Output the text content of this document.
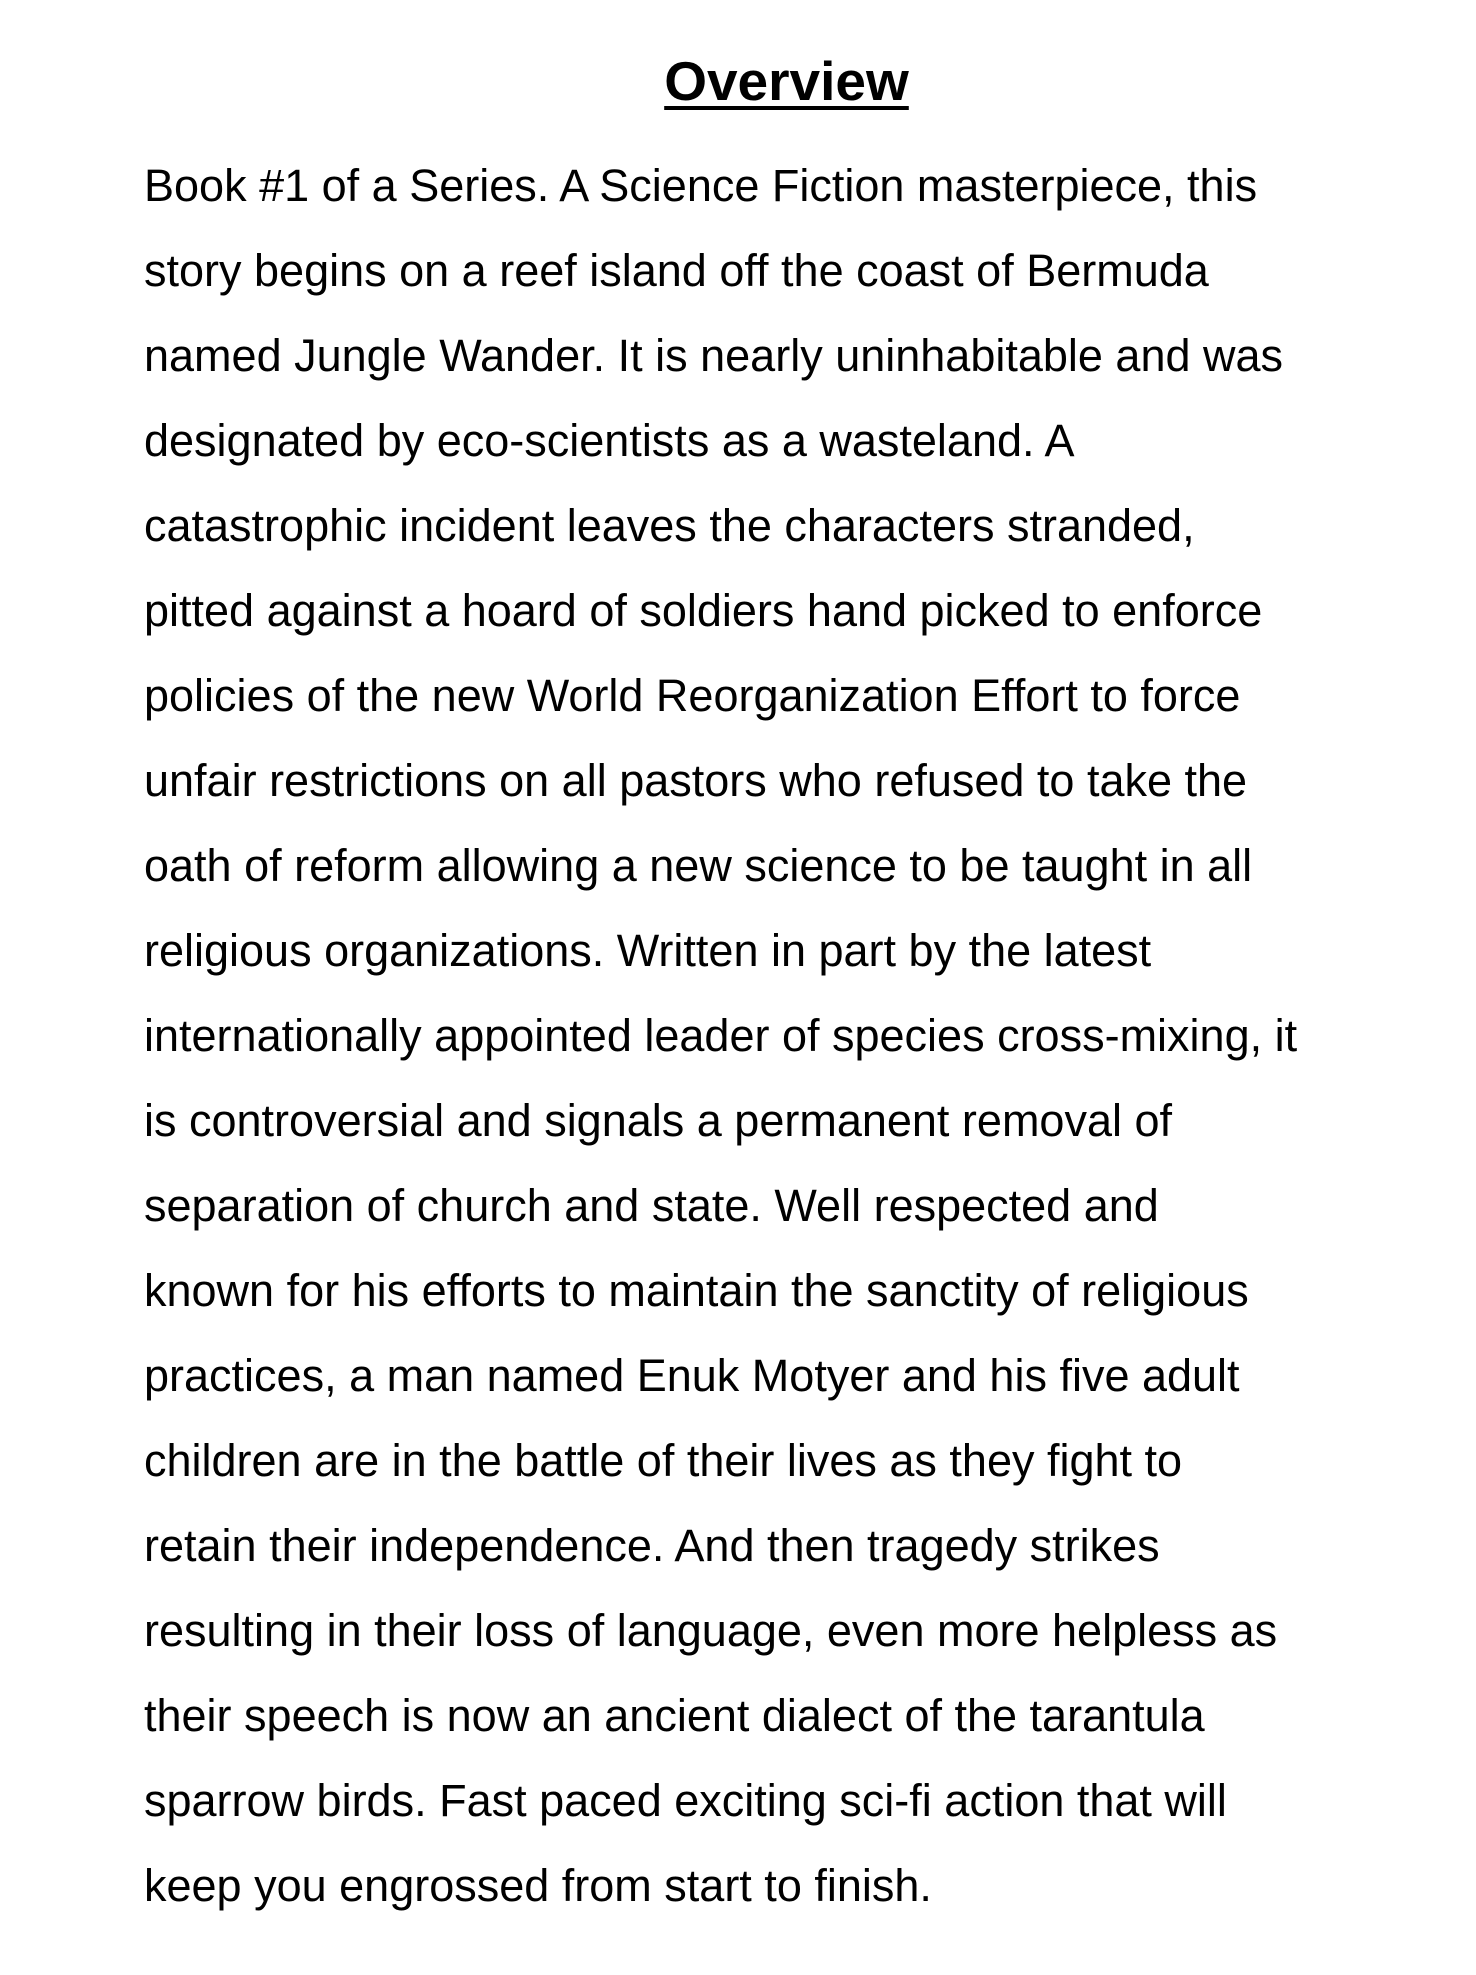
Overview
Book #1 of a Series. A Science Fiction masterpiece, this
story begins on a reef island off the coast of Bermuda
named Jungle Wander. It is nearly uninhabitable and was
designated by eco-scientists as a wasteland. A
catastrophic incident leaves the characters stranded,
pitted against a hoard of soldiers hand picked to enforce
policies of the new World Reorganization Effort to force
unfair restrictions on all pastors who refused to take the
oath of reform allowing a new science to be taught in all
religious organizations. Written in part by the latest
internationally appointed leader of species cross-mixing, it
is controversial and signals a permanent removal of
separation of church and state. Well respected and
known for his efforts to maintain the sanctity of religious
practices, a man named Enuk Motyer and his five adult
children are in the battle of their lives as they fight to
retain their independence. And then tragedy strikes
resulting in their loss of language, even more helpless as
their speech is now an ancient dialect of the tarantula
sparrow birds. Fast paced exciting sci-fi action that will
keep you engrossed from start to finish.
